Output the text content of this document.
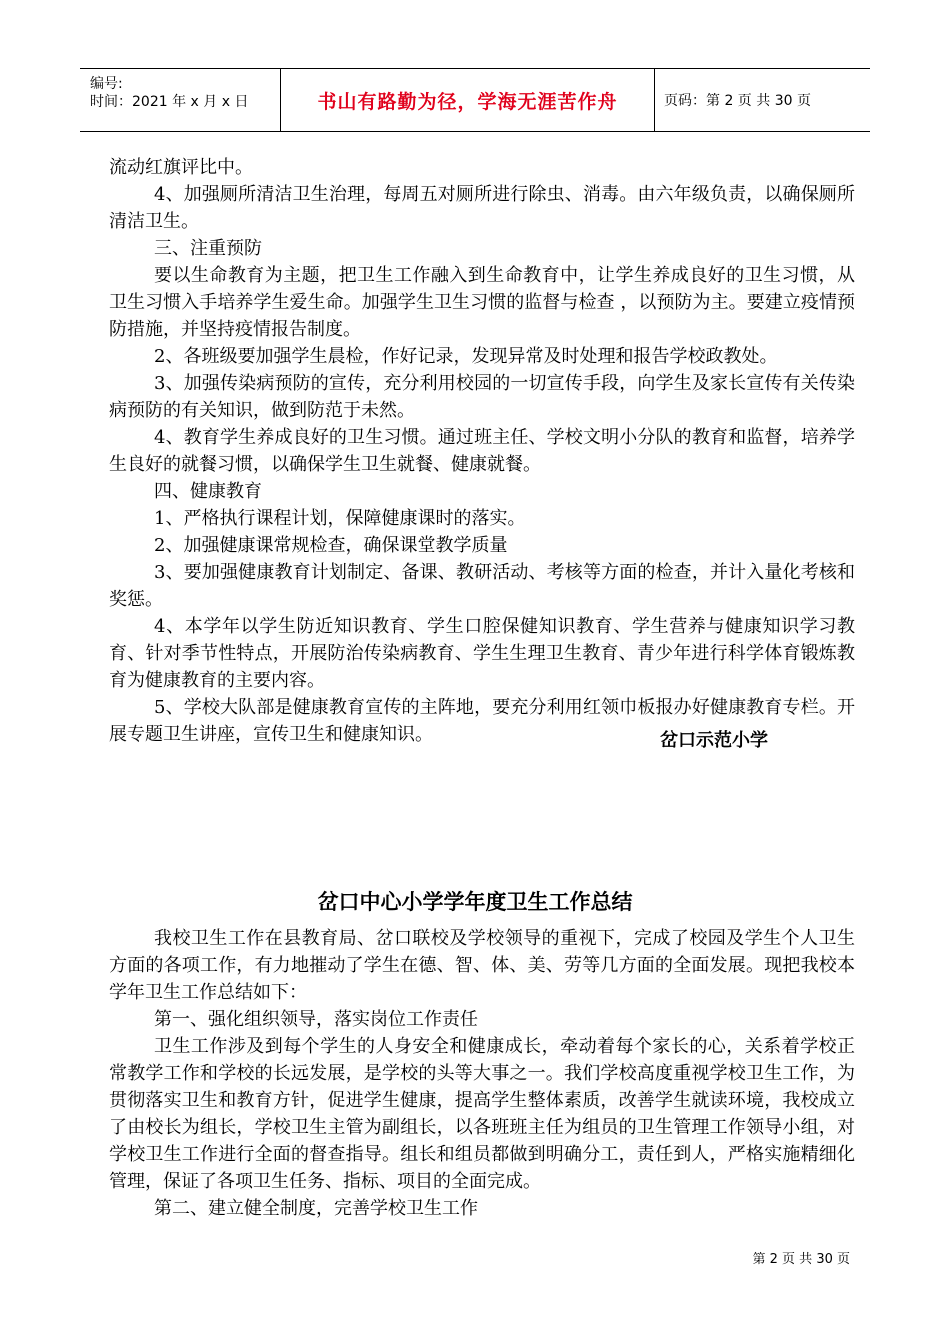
编号:
时间：2021 年 x 月 x 日	书山有路勤为径，学海无涯苦作舟	页码：第 2 页 共 30 页

流动红旗评比中。

4、加强厕所清洁卫生治理，每周五对厕所进行除虫、消毒。由六年级负责，以确保厕所清洁卫生。

三、注重预防

要以生命教育为主题，把卫生工作融入到生命教育中，让学生养成良好的卫生习惯，从卫生习惯入手培养学生爱生命。加强学生卫生习惯的监督与检查 ，以预防为主。要建立疫情预防措施，并坚持疫情报告制度。

2、各班级要加强学生晨检，作好记录，发现异常及时处理和报告学校政教处。

3、加强传染病预防的宣传，充分利用校园的一切宣传手段，向学生及家长宣传有关传染病预防的有关知识，做到防范于未然。

4、教育学生养成良好的卫生习惯。通过班主任、学校文明小分队的教育和监督，培养学生良好的就餐习惯，以确保学生卫生就餐、健康就餐。

四、健康教育

1、严格执行课程计划，保障健康课时的落实。

2、加强健康课常规检查，确保课堂教学质量

3、要加强健康教育计划制定、备课、教研活动、考核等方面的检查，并计入量化考核和奖惩。

4、本学年以学生防近知识教育、学生口腔保健知识教育、学生营养与健康知识学习教育、针对季节性特点，开展防治传染病教育、学生生理卫生教育、青少年进行科学体育锻炼教育为健康教育的主要内容。

5、学校大队部是健康教育宣传的主阵地，要充分利用红领巾板报办好健康教育专栏。开展专题卫生讲座，宣传卫生和健康知识。	岔口示范小学
岔口中心小学学年度卫生工作总结

我校卫生工作在县教育局、岔口联校及学校领导的重视下，完成了校园及学生个人卫生方面的各项工作，有力地摧动了学生在德、智、体、美、劳等几方面的全面发展。现把我校本学年卫生工作总结如下：

第一、强化组织领导，落实岗位工作责任

卫生工作涉及到每个学生的人身安全和健康成长，牵动着每个家长的心，关系着学校正常教学工作和学校的长远发展，是学校的头等大事之一。我们学校高度重视学校卫生工作，为贯彻落实卫生和教育方针，促进学生健康，提高学生整体素质，改善学生就读环境，我校成立了由校长为组长，学校卫生主管为副组长，以各班班主任为组员的卫生管理工作领导小组，对学校卫生工作进行全面的督查指导。组长和组员都做到明确分工，责任到人，严格实施精细化管理，保证了各项卫生任务、指标、项目的全面完成。

第二、建立健全制度，完善学校卫生工作

第 2 页 共 30 页
